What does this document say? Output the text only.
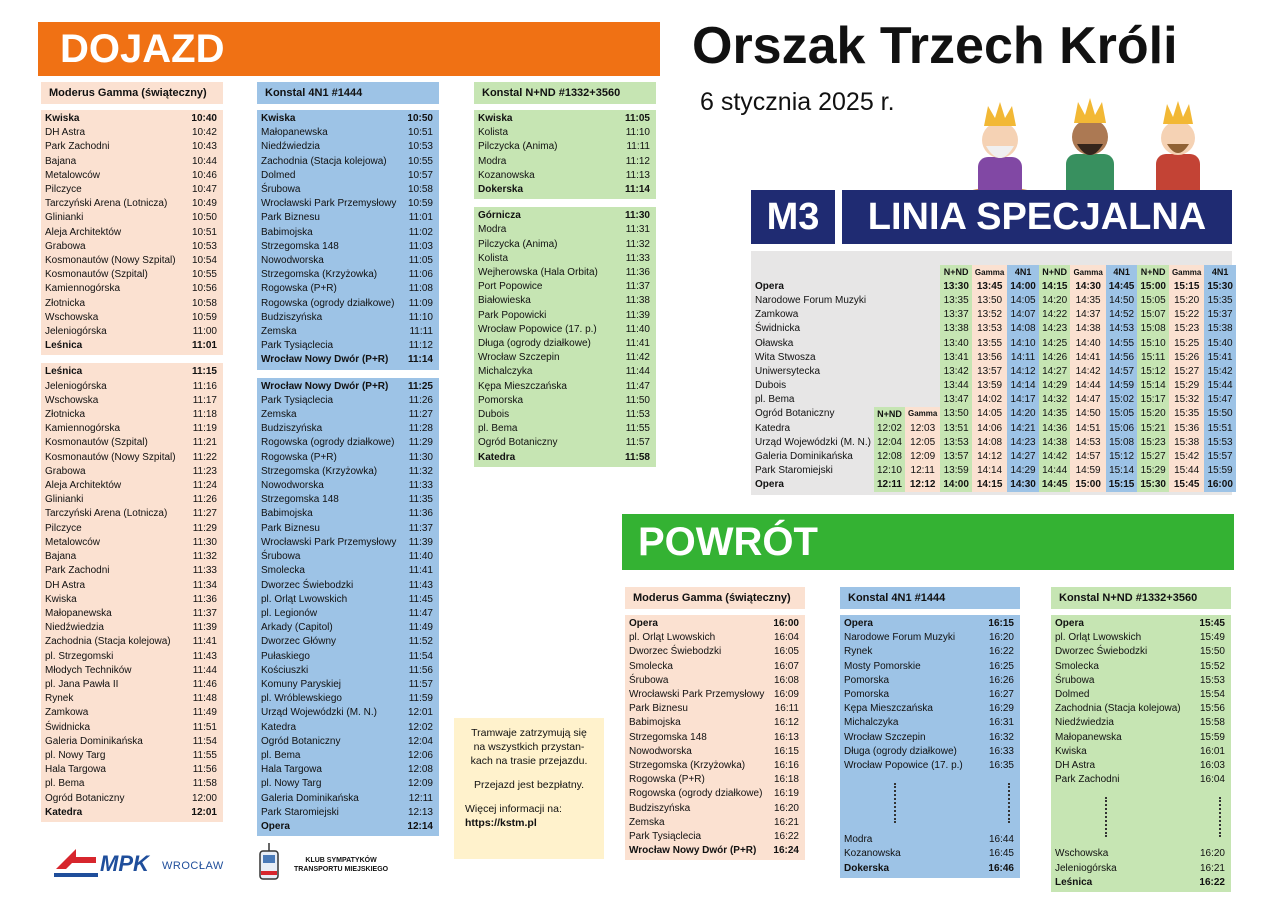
DOJAZD	Orszak Trzech Króli
6 stycznia 2025 r.
M3 LINIA SPECJALNA
			N+ND	Gamma	4N1	N+ND	Gamma	4N1	N+ND	Gamma	4N1
Opera			13:30	13:45	14:00	14:15	14:30	14:45	15:00	15:15	15:30
Narodowe Forum Muzyki			13:35	13:50	14:05	14:20	14:35	14:50	15:05	15:20	15:35
Zamkowa			13:37	13:52	14:07	14:22	14:37	14:52	15:07	15:22	15:37
Świdnicka			13:38	13:53	14:08	14:23	14:38	14:53	15:08	15:23	15:38
Oławska			13:40	13:55	14:10	14:25	14:40	14:55	15:10	15:25	15:40
Wita Stwosza			13:41	13:56	14:11	14:26	14:41	14:56	15:11	15:26	15:41
Uniwersytecka			13:42	13:57	14:12	14:27	14:42	14:57	15:12	15:27	15:42
Dubois			13:44	13:59	14:14	14:29	14:44	14:59	15:14	15:29	15:44
pl. Bema			13:47	14:02	14:17	14:32	14:47	15:02	15:17	15:32	15:47
Ogród Botaniczny	N+ND	Gamma	13:50	14:05	14:20	14:35	14:50	15:05	15:20	15:35	15:50
Katedra	12:02	12:03	13:51	14:06	14:21	14:36	14:51	15:06	15:21	15:36	15:51
Urząd Wojewódzki (M. N.)	12:04	12:05	13:53	14:08	14:23	14:38	14:53	15:08	15:23	15:38	15:53
Galeria Dominikańska	12:08	12:09	13:57	14:12	14:27	14:42	14:57	15:12	15:27	15:42	15:57
Park Staromiejski	12:10	12:11	13:59	14:14	14:29	14:44	14:59	15:14	15:29	15:44	15:59
Opera	12:11	12:12	14:00	14:15	14:30	14:45	15:00	15:15	15:30	15:45	16:00
POWRÓT
Moderus Gamma (świąteczny)
Kwiska	10:40
DH Astra	10:42
Park Zachodni	10:43
Bajana	10:44
Metalowców	10:46
Pilczyce	10:47
Tarczyński Arena (Lotnicza)	10:49
Glinianki	10:50
Aleja Architektów	10:51
Grabowa	10:53
Kosmonautów (Nowy Szpital)	10:54
Kosmonautów (Szpital)	10:55
Kamiennogórska	10:56
Złotnicka	10:58
Wschowska	10:59
Jeleniogórska	11:00
Leśnica	11:01
Leśnica	11:15
Jeleniogórska	11:16
Wschowska	11:17
Złotnicka	11:18
Kamiennogórska	11:19
Kosmonautów (Szpital)	11:21
Kosmonautów (Nowy Szpital)	11:22
Grabowa	11:23
Aleja Architektów	11:24
Glinianki	11:26
Tarczyński Arena (Lotnicza)	11:27
Pilczyce	11:29
Metalowców	11:30
Bajana	11:32
Park Zachodni	11:33
DH Astra	11:34
Kwiska	11:36
Małopanewska	11:37
Niedźwiedzia	11:39
Zachodnia (Stacja kolejowa)	11:41
pl. Strzegomski	11:43
Młodych Techników	11:44
pl. Jana Pawła II	11:46
Rynek	11:48
Zamkowa	11:49
Świdnicka	11:51
Galeria Dominikańska	11:54
pl. Nowy Targ	11:55
Hala Targowa	11:56
pl. Bema	11:58
Ogród Botaniczny	12:00
Katedra	12:01
Konstal 4N1 #1444
Kwiska	10:50
Małopanewska	10:51
Niedźwiedzia	10:53
Zachodnia (Stacja kolejowa)	10:55
Dolmed	10:57
Śrubowa	10:58
Wrocławski Park Przemysłowy	10:59
Park Biznesu	11:01
Babimojska	11:02
Strzegomska 148	11:03
Nowodworska	11:05
Strzegomska (Krzyżowka)	11:06
Rogowska (P+R)	11:08
Rogowska (ogrody działkowe)	11:09
Budziszyńska	11:10
Zemska	11:11
Park Tysiąclecia	11:12
Wrocław Nowy Dwór (P+R)	11:14
Wrocław Nowy Dwór (P+R)	11:25
Park Tysiąclecia	11:26
Zemska	11:27
Budziszyńska	11:28
Rogowska (ogrody działkowe)	11:29
Rogowska (P+R)	11:30
Strzegomska (Krzyżowka)	11:32
Nowodworska	11:33
Strzegomska 148	11:35
Babimojska	11:36
Park Biznesu	11:37
Wrocławski Park Przemysłowy	11:39
Śrubowa	11:40
Smolecka	11:41
Dworzec Świebodzki	11:43
pl. Orląt Lwowskich	11:45
pl. Legionów	11:47
Arkady (Capitol)	11:49
Dworzec Główny	11:52
Pułaskiego	11:54
Kościuszki	11:56
Komuny Paryskiej	11:57
pl. Wróblewskiego	11:59
Urząd Wojewódzki (M. N.)	12:01
Katedra	12:02
Ogród Botaniczny	12:04
pl. Bema	12:06
Hala Targowa	12:08
pl. Nowy Targ	12:09
Galeria Dominikańska	12:11
Park Staromiejski	12:13
Opera	12:14
Konstal N+ND #1332+3560
Kwiska	11:05
Kolista	11:10
Pilczycka (Anima)	11:11
Modra	11:12
Kozanowska	11:13
Dokerska	11:14
Górnicza	11:30
Modra	11:31
Pilczycka (Anima)	11:32
Kolista	11:33
Wejherowska (Hala Orbita)	11:36
Port Popowice	11:37
Białowieska	11:38
Park Popowicki	11:39
Wrocław Popowice (17. p.)	11:40
Długa (ogrody działkowe)	11:41
Wrocław Szczepin	11:42
Michalczyka	11:44
Kępa Mieszczańska	11:47
Pomorska	11:50
Dubois	11:53
pl. Bema	11:55
Ogród Botaniczny	11:57
Katedra	11:58

Tramwaje zatrzymują się na wszystkich przystan-kach na trasie przejazdu.

Przejazd jest bezpłatny.

Więcej informacji na:

https://kstm.pl

MPK WROCŁAW	KLUB SYMPATYKÓW
TRANSPORTU MIEJSKIEGO
Moderus Gamma (świąteczny)
Opera	16:00
pl. Orląt Lwowskich	16:04
Dworzec Świebodzki	16:05
Smolecka	16:07
Śrubowa	16:08
Wrocławski Park Przemysłowy	16:09
Park Biznesu	16:11
Babimojska	16:12
Strzegomska 148	16:13
Nowodworska	16:15
Strzegomska (Krzyżowka)	16:16
Rogowska (P+R)	16:18
Rogowska (ogrody działkowe)	16:19
Budziszyńska	16:20
Zemska	16:21
Park Tysiąclecia	16:22
Wrocław Nowy Dwór (P+R)	16:24
Konstal 4N1 #1444
Opera	16:15
Narodowe Forum Muzyki	16:20
Rynek	16:22
Mosty Pomorskie	16:25
Pomorska	16:26
Pomorska	16:27
Kępa Mieszczańska	16:29
Michalczyka	16:31
Wrocław Szczepin	16:32
Długa (ogrody działkowe)	16:33
Wrocław Popowice (17. p.)	16:35
Modra	16:44
Kozanowska	16:45
Dokerska	16:46
Konstal N+ND #1332+3560
Opera	15:45
pl. Orląt Lwowskich	15:49
Dworzec Świebodzki	15:50
Smolecka	15:52
Śrubowa	15:53
Dolmed	15:54
Zachodnia (Stacja kolejowa)	15:56
Niedźwiedzia	15:58
Małopanewska	15:59
Kwiska	16:01
DH Astra	16:03
Park Zachodni	16:04
Wschowska	16:20
Jeleniogórska	16:21
Leśnica	16:22
